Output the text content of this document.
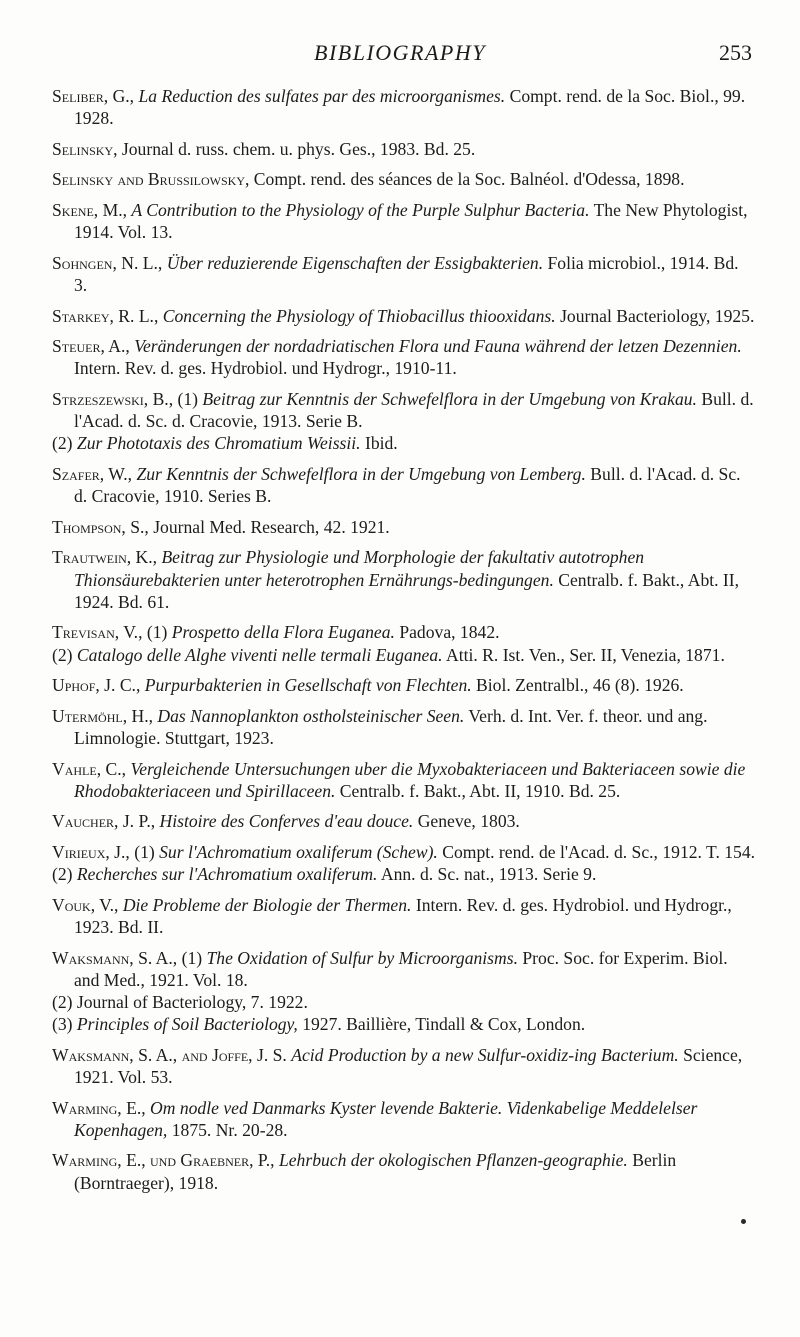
BIBLIOGRAPHY	253

Seliber, G., La Reduction des sulfates par des microorganismes. Compt. rend. de la Soc. Biol., 99. 1928.

Selinsky, Journal d. russ. chem. u. phys. Ges., 1983. Bd. 25.

Selinsky and Brussilowsky, Compt. rend. des séances de la Soc. Balnéol. d'Odessa, 1898.

Skene, M., A Contribution to the Physiology of the Purple Sulphur Bacteria. The New Phytologist, 1914. Vol. 13.

Sohngen, N. L., Über reduzierende Eigenschaften der Essigbakterien. Folia microbiol., 1914. Bd. 3.

Starkey, R. L., Concerning the Physiology of Thiobacillus thiooxidans. Journal Bacteriology, 1925.

Steuer, A., Veränderungen der nordadriatischen Flora und Fauna während der letzen Dezennien. Intern. Rev. d. ges. Hydrobiol. und Hydrogr., 1910-11.

Strzeszewski, B., (1) Beitrag zur Kenntnis der Schwefelflora in der Umgebung von Krakau. Bull. d. l'Acad. d. Sc. d. Cracovie, 1913. Serie B.
(2) Zur Phototaxis des Chromatium Weissii. Ibid.

Szafer, W., Zur Kenntnis der Schwefelflora in der Umgebung von Lemberg. Bull. d. l'Acad. d. Sc. d. Cracovie, 1910. Series B.

Thompson, S., Journal Med. Research, 42. 1921.

Trautwein, K., Beitrag zur Physiologie und Morphologie der fakultativ autotrophen Thionsäurebakterien unter heterotrophen Ernährungs-bedingungen. Centralb. f. Bakt., Abt. II, 1924. Bd. 61.

Trevisan, V., (1) Prospetto della Flora Euganea. Padova, 1842.
(2) Catalogo delle Alghe viventi nelle termali Euganea. Atti. R. Ist. Ven., Ser. II, Venezia, 1871.

Uphof, J. C., Purpurbakterien in Gesellschaft von Flechten. Biol. Zentralbl., 46 (8). 1926.

Utermöhl, H., Das Nannoplankton ostholsteinischer Seen. Verh. d. Int. Ver. f. theor. und ang. Limnologie. Stuttgart, 1923.

Vahle, C., Vergleichende Untersuchungen uber die Myxobakteriaceen und Bakteriaceen sowie die Rhodobakteriaceen und Spirillaceen. Centralb. f. Bakt., Abt. II, 1910. Bd. 25.

Vaucher, J. P., Histoire des Conferves d'eau douce. Geneve, 1803.

Virieux, J., (1) Sur l'Achromatium oxaliferum (Schew). Compt. rend. de l'Acad. d. Sc., 1912. T. 154.
(2) Recherches sur l'Achromatium oxaliferum. Ann. d. Sc. nat., 1913. Serie 9.

Vouk, V., Die Probleme der Biologie der Thermen. Intern. Rev. d. ges. Hydrobiol. und Hydrogr., 1923. Bd. II.

Waksmann, S. A., (1) The Oxidation of Sulfur by Microorganisms. Proc. Soc. for Experim. Biol. and Med., 1921. Vol. 18.
(2) Journal of Bacteriology, 7. 1922.
(3) Principles of Soil Bacteriology, 1927. Baillière, Tindall & Cox, London.

Waksmann, S. A., and Joffe, J. S. Acid Production by a new Sulfur-oxidiz-ing Bacterium. Science, 1921. Vol. 53.

Warming, E., Om nodle ved Danmarks Kyster levende Bakterie. Videnkabelige Meddelelser Kopenhagen, 1875. Nr. 20-28.

Warming, E., und Graebner, P., Lehrbuch der okologischen Pflanzen-geographie. Berlin (Borntraeger), 1918.
